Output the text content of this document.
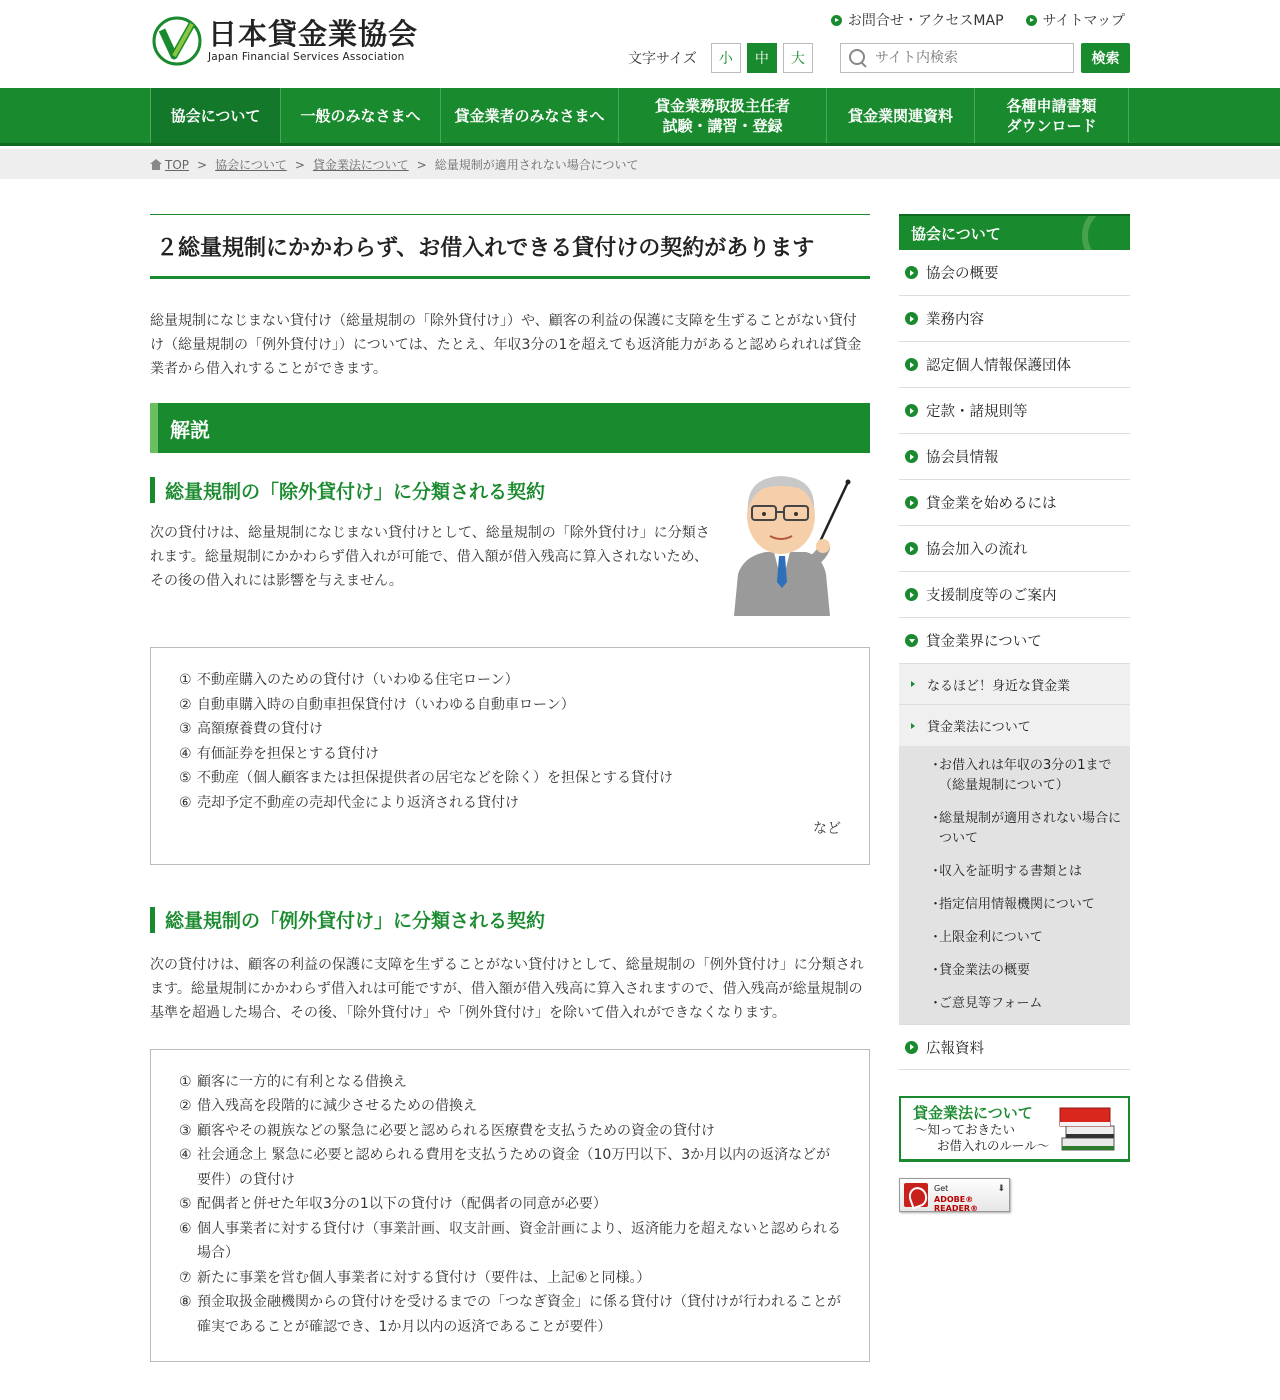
日本貸金業協会
Japan Financial Services Association
お問合せ・アクセスMAP	サイトマップ
文字サイズ	小	中	大
サイト内検索	検索
協会について	一般のみなさまへ 貸金業者のみなさまへ
貸金業務取扱主任者
試験・講習・登録
貸金業関連資料
各種申請書類
ダウンロード
TOP > 協会について > 貸金業法について > 総量規制が適用されない場合について
２総量規制にかかわらず、お借入れできる貸付けの契約があります

総量規制になじまない貸付け（総量規制の「除外貸付け」）や、顧客の利益の保護に支障を生ずることがない貸付け（総量規制の「例外貸付け」）については、たとえ、年収3分の1を超えても返済能力があると認められれば貸金業者から借入れすることができます。

解説
総量規制の「除外貸付け」に分類される契約

次の貸付けは、総量規制になじまない貸付けとして、総量規制の「除外貸付け」に分類されます。総量規制にかかわらず借入れが可能で、借入額が借入残高に算入されないため、その後の借入れには影響を与えません。

① 不動産購入のための貸付け（いわゆる住宅ローン）
② 自動車購入時の自動車担保貸付け（いわゆる自動車ローン）
③ 高額療養費の貸付け
④ 有価証券を担保とする貸付け
⑤ 不動産（個人顧客または担保提供者の居宅などを除く）を担保とする貸付け
⑥ 売却予定不動産の売却代金により返済される貸付け
など
総量規制の「例外貸付け」に分類される契約

次の貸付けは、顧客の利益の保護に支障を生ずることがない貸付けとして、総量規制の「例外貸付け」に分類されます。総量規制にかかわらず借入れは可能ですが、借入額が借入残高に算入されますので、借入残高が総量規制の基準を超過した場合、その後、「除外貸付け」や「例外貸付け」を除いて借入れができなくなります。

① 顧客に一方的に有利となる借換え
② 借入残高を段階的に減少させるための借換え
③ 顧客やその親族などの緊急に必要と認められる医療費を支払うための資金の貸付け
④ 社会通念上 緊急に必要と認められる費用を支払うための資金（10万円以下、3か月以内の返済などが要件）の貸付け
⑤ 配偶者と併せた年収3分の1以下の貸付け（配偶者の同意が必要）
⑥ 個人事業者に対する貸付け（事業計画、収支計画、資金計画により、返済能力を超えないと認められる場合）
⑦ 新たに事業を営む個人事業者に対する貸付け（要件は、上記⑥と同様。）
⑧ 預金取扱金融機関からの貸付けを受けるまでの「つなぎ資金」に係る貸付け（貸付けが行われることが確実であることが確認でき、1か月以内の返済であることが要件）
協会について
協会の概要
業務内容
認定個人情報保護団体
定款・諸規則等
協会員情報
貸金業を始めるには
協会加入の流れ
支援制度等のご案内
貸金業界について
なるほど！身近な貸金業
貸金業法について
・
お借入れは年収の3分の1まで（総量規制について）
・
総量規制が適用されない場合について
・
収入を証明する書類とは
・
指定信用情報機関について
・
上限金利について
・
貸金業法の概要
・
ご意見等フォーム
広報資料
貸金業法について
～知っておきたい
お借入れのルール～
Get
ADOBE® READER®
⬇
